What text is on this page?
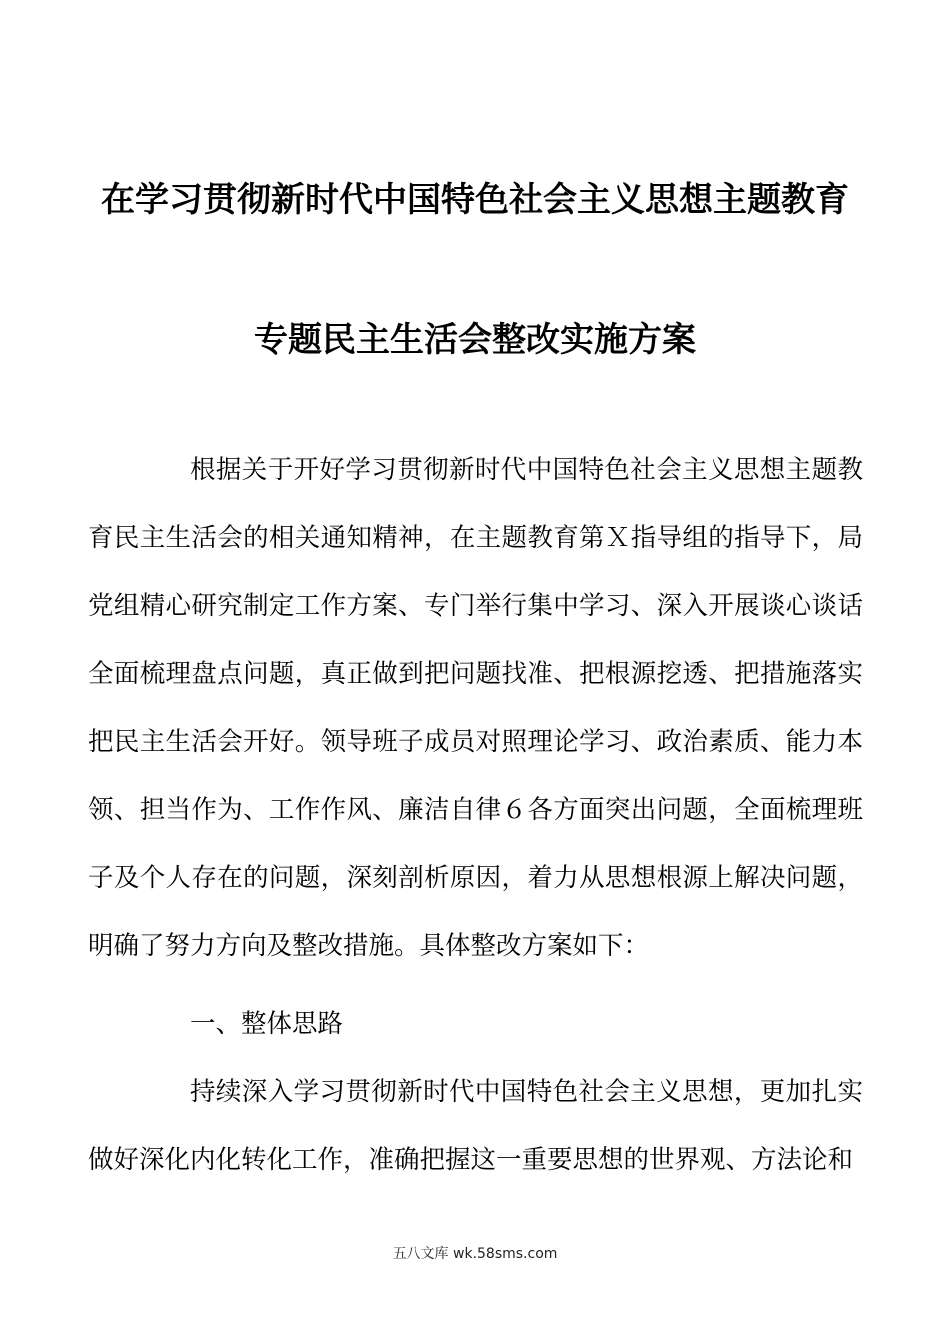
在学习贯彻新时代中国特色社会主义思想主题教育
专题民主生活会整改实施方案

根据关于开好学习贯彻新时代中国特色社会主义思想主题教育民主生活会的相关通知精神，在主题教育第Ｘ指导组的指导下，局党组精心研究制定工作方案、专门举行集中学习、深入开展谈心谈话全面梳理盘点问题，真正做到把问题找准、把根源挖透、把措施落实把民主生活会开好。领导班子成员对照理论学习、政治素质、能力本领、担当作为、工作作风、廉洁自律６各方面突出问题，全面梳理班子及个人存在的问题，深刻剖析原因，着力从思想根源上解决问题，明确了努力方向及整改措施。具体整改方案如下：

一、整体思路

持续深入学习贯彻新时代中国特色社会主义思想，更加扎实做好深化内化转化工作，准确把握这一重要思想的世界观、方法论和

五八文库 wk.58sms.com
